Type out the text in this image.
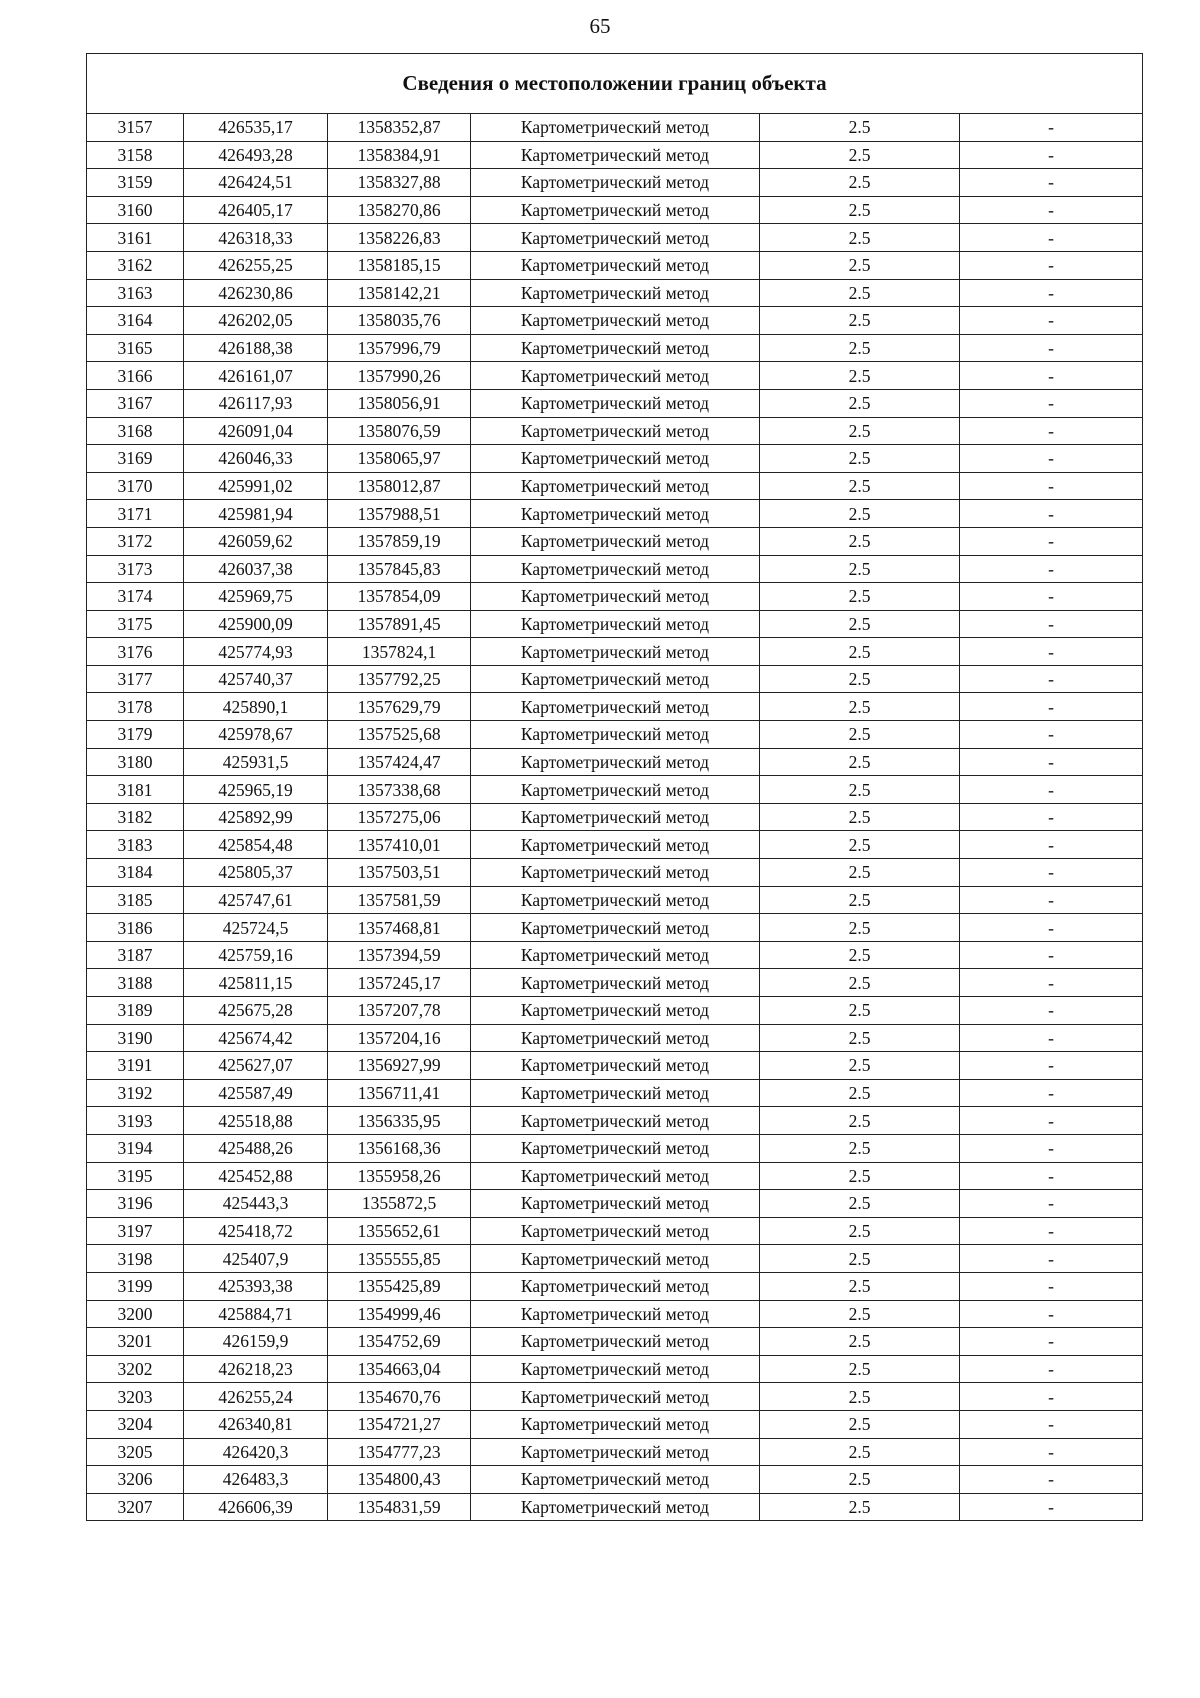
65
Сведения о местоположении границ объекта					
3157	426535,17	1358352,87	Картометрический метод	2.5	-
3158	426493,28	1358384,91	Картометрический метод	2.5	-
3159	426424,51	1358327,88	Картометрический метод	2.5	-
3160	426405,17	1358270,86	Картометрический метод	2.5	-
3161	426318,33	1358226,83	Картометрический метод	2.5	-
3162	426255,25	1358185,15	Картометрический метод	2.5	-
3163	426230,86	1358142,21	Картометрический метод	2.5	-
3164	426202,05	1358035,76	Картометрический метод	2.5	-
3165	426188,38	1357996,79	Картометрический метод	2.5	-
3166	426161,07	1357990,26	Картометрический метод	2.5	-
3167	426117,93	1358056,91	Картометрический метод	2.5	-
3168	426091,04	1358076,59	Картометрический метод	2.5	-
3169	426046,33	1358065,97	Картометрический метод	2.5	-
3170	425991,02	1358012,87	Картометрический метод	2.5	-
3171	425981,94	1357988,51	Картометрический метод	2.5	-
3172	426059,62	1357859,19	Картометрический метод	2.5	-
3173	426037,38	1357845,83	Картометрический метод	2.5	-
3174	425969,75	1357854,09	Картометрический метод	2.5	-
3175	425900,09	1357891,45	Картометрический метод	2.5	-
3176	425774,93	1357824,1	Картометрический метод	2.5	-
3177	425740,37	1357792,25	Картометрический метод	2.5	-
3178	425890,1	1357629,79	Картометрический метод	2.5	-
3179	425978,67	1357525,68	Картометрический метод	2.5	-
3180	425931,5	1357424,47	Картометрический метод	2.5	-
3181	425965,19	1357338,68	Картометрический метод	2.5	-
3182	425892,99	1357275,06	Картометрический метод	2.5	-
3183	425854,48	1357410,01	Картометрический метод	2.5	-
3184	425805,37	1357503,51	Картометрический метод	2.5	-
3185	425747,61	1357581,59	Картометрический метод	2.5	-
3186	425724,5	1357468,81	Картометрический метод	2.5	-
3187	425759,16	1357394,59	Картометрический метод	2.5	-
3188	425811,15	1357245,17	Картометрический метод	2.5	-
3189	425675,28	1357207,78	Картометрический метод	2.5	-
3190	425674,42	1357204,16	Картометрический метод	2.5	-
3191	425627,07	1356927,99	Картометрический метод	2.5	-
3192	425587,49	1356711,41	Картометрический метод	2.5	-
3193	425518,88	1356335,95	Картометрический метод	2.5	-
3194	425488,26	1356168,36	Картометрический метод	2.5	-
3195	425452,88	1355958,26	Картометрический метод	2.5	-
3196	425443,3	1355872,5	Картометрический метод	2.5	-
3197	425418,72	1355652,61	Картометрический метод	2.5	-
3198	425407,9	1355555,85	Картометрический метод	2.5	-
3199	425393,38	1355425,89	Картометрический метод	2.5	-
3200	425884,71	1354999,46	Картометрический метод	2.5	-
3201	426159,9	1354752,69	Картометрический метод	2.5	-
3202	426218,23	1354663,04	Картометрический метод	2.5	-
3203	426255,24	1354670,76	Картометрический метод	2.5	-
3204	426340,81	1354721,27	Картометрический метод	2.5	-
3205	426420,3	1354777,23	Картометрический метод	2.5	-
3206	426483,3	1354800,43	Картометрический метод	2.5	-
3207	426606,39	1354831,59	Картометрический метод	2.5	-
